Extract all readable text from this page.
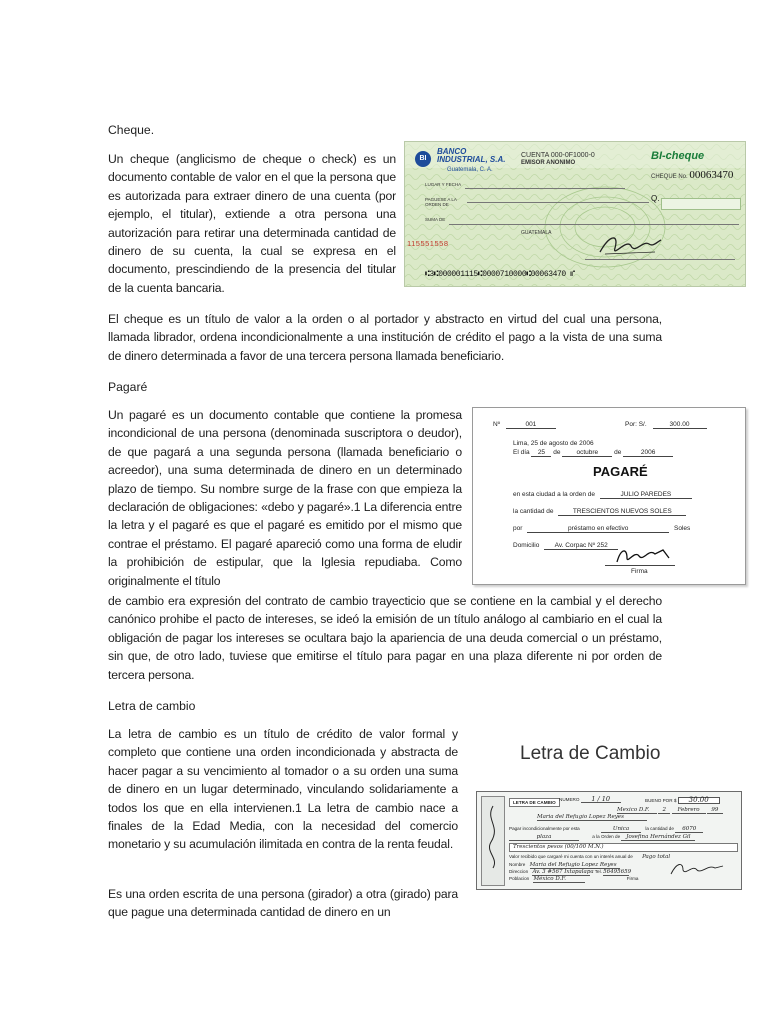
Cheque.

Un cheque (anglicismo de cheque o check) es un documento contable de valor en el que la persona que es autorizada para extraer dinero de una cuenta (por ejemplo, el titular), extiende a otra persona una autorización para retirar una determinada cantidad de dinero de su cuenta, la cual se expresa en el documento, prescindiendo de la presencia del titular de la cuenta bancaria.

El cheque es un título de valor a la orden o al portador y abstracto en virtud del cual una persona, llamada librador, ordena incondicionalmente a una institución de crédito el pago a la vista de una suma de dinero determinada a favor de una tercera persona llamada beneficiario.

Pagaré

Un pagaré es un documento contable que contiene la promesa incondicional de una persona (denominada suscriptora o deudor), de que pagará a una segunda persona (llamada beneficiario o acreedor), una suma determinada de dinero en un determinado plazo de tiempo. Su nombre surge de la frase con que empieza la declaración de obligaciones: «debo y pagaré».1 La diferencia entre la letra y el pagaré es que el pagaré es emitido por el mismo que contrae el préstamo. El pagaré apareció como una forma de eludir la prohibición de estipular, que la Iglesia repudiaba. Como originalmente el título

de cambio era expresión del contrato de cambio trayecticio que se contiene en la cambial y el derecho canónico prohibe el pacto de intereses, se ideó la emisión de un título análogo al cambiario en el cual la obligación de pagar los intereses se ocultara bajo la apariencia de una deuda comercial o un préstamo, sin que, de otro lado, tuviese que emitirse el título para pagar en una plaza diferente ni por orden de tercera persona.

Letra de cambio

La letra de cambio es un título de crédito de valor formal y completo que contiene una orden incondicionada y abstracta de hacer pagar a su vencimiento al tomador o a su orden una suma de dinero en un lugar determinado, vinculando solidariamente a todos los que en ella intervienen.1 La letra de cambio nace a finales de la Edad Media, con la necesidad del comercio monetario y su acumulación ilimitada en contra de la renta feudal.

Es una orden escrita de una persona (girador) a otra (girado) para que pague una determinada cantidad de dinero en un

BI
BANCO
INDUSTRIAL, S.A.
Guatemala, C. A.
CUENTA 000-0F1000-0
EMISOR ANONIMO
BI-cheque
CHEQUE No. 00063470
LUGAR Y FECHA
PAGUESE A LA ORDEN DE
Q.
SUMA DE
GUATEMALA
115551558
⑆3⑆000001115⑆0000710000⑆00063470 ⑈
Nº	001	Por: S/.	300.00
Lima, 25 de agosto de 2006
El día 25 de octubre de	2006
PAGARÉ
en esta ciudad a la orden de	JULIO PAREDES
la cantidad de	TRESCIENTOS NUEVOS SOLES
por	préstamo en efectivo	Soles
Domicilio Av. Corpac Nº 252
Firma
Letra de Cambio
LETRA DE CAMBIO
NUMERO 1 / 10	BUENO POR $ 30.00
Mexico D.F. 2 Febrero 99
Maria del Refugio Lopez Reyes
Pagar incondicionalmente por esta	Unica	la cantidad de 6070
plaza	a la Orden de Josefina Hernández Gil
Trescientos pesos (00/100 M.N.)
Valor recibido que cargaré mi cuenta con un interés anual de Pago total
Nombre Maria del Refugio Lopez Reyes
Direccion Av. 3 #567 Ixtapalapa Tel. 56495659
Poblacion México D.F.	Firma
